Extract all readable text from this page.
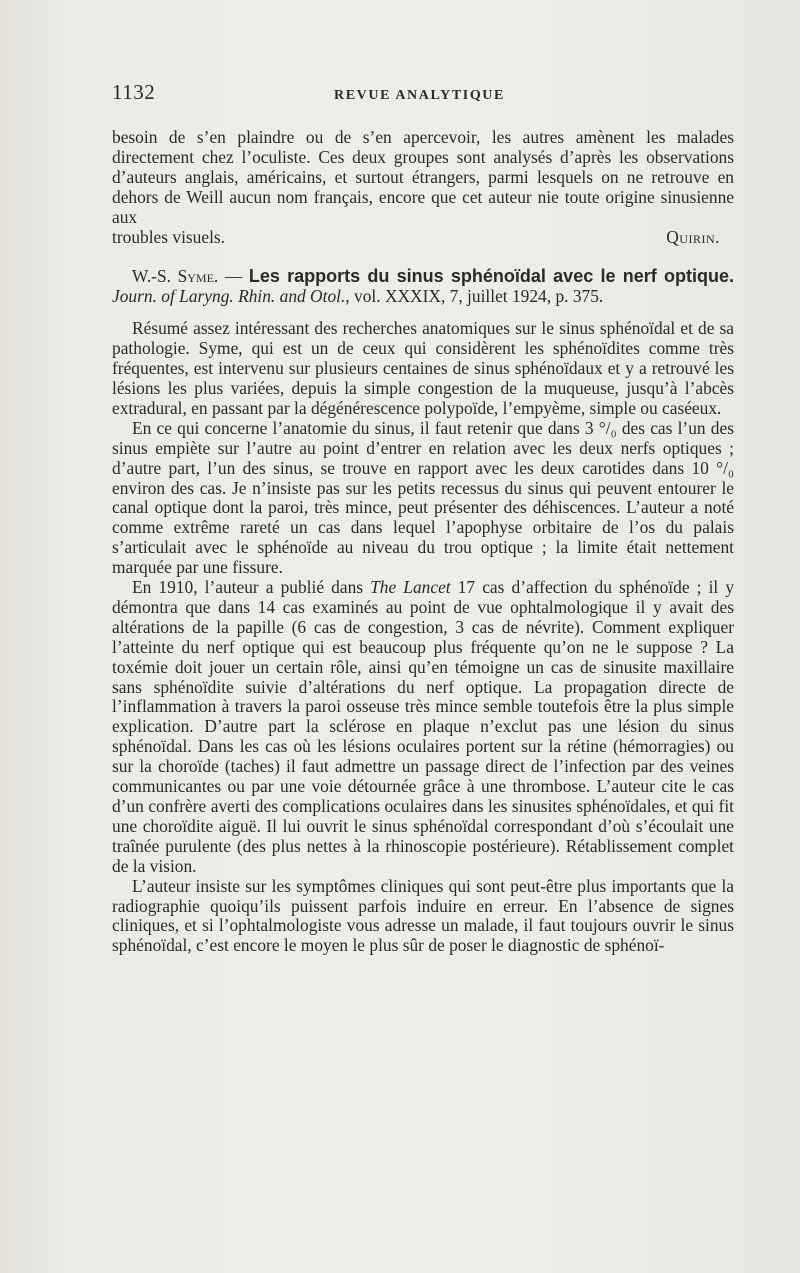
1132	REVUE ANALYTIQUE

besoin de s’en plaindre ou de s’en apercevoir, les autres amènent les malades directement chez l’oculiste. Ces deux groupes sont analysés d’après les observations d’auteurs anglais, américains, et surtout étrangers, parmi lesquels on ne retrouve en dehors de Weill aucun nom français, encore que cet auteur nie toute origine sinusienne aux

troubles visuels.	Quirin.

W.-S. Syme. — Les rapports du sinus sphénoïdal avec le nerf optique. Journ. of Laryng. Rhin. and Otol., vol. XXXIX, 7, juillet 1924, p. 375.

Résumé assez intéressant des recherches anatomiques sur le sinus sphénoïdal et de sa pathologie. Syme, qui est un de ceux qui considèrent les sphénoïdites comme très fréquentes, est intervenu sur plusieurs centaines de sinus sphénoïdaux et y a retrouvé les lésions les plus variées, depuis la simple congestion de la muqueuse, jusqu’à l’abcès extradural, en passant par la dégénérescence polypoïde, l’empyème, simple ou caséeux.

En ce qui concerne l’anatomie du sinus, il faut retenir que dans 3 °/₀ des cas l’un des sinus empiète sur l’autre au point d’entrer en relation avec les deux nerfs optiques ; d’autre part, l’un des sinus, se trouve en rapport avec les deux carotides dans 10 °/₀ environ des cas. Je n’insiste pas sur les petits recessus du sinus qui peuvent entourer le canal optique dont la paroi, très mince, peut présenter des déhiscences. L’auteur a noté comme extrême rareté un cas dans lequel l’apophyse orbitaire de l’os du palais s’articulait avec le sphénoïde au niveau du trou optique ; la limite était nettement marquée par une fissure.

En 1910, l’auteur a publié dans The Lancet 17 cas d’affection du sphénoïde ; il y démontra que dans 14 cas examinés au point de vue ophtalmologique il y avait des altérations de la papille (6 cas de congestion, 3 cas de névrite). Comment expliquer l’atteinte du nerf optique qui est beaucoup plus fréquente qu’on ne le suppose ? La toxémie doit jouer un certain rôle, ainsi qu’en témoigne un cas de sinusite maxillaire sans sphénoïdite suivie d’altérations du nerf optique. La propagation directe de l’inflammation à travers la paroi osseuse très mince semble toutefois être la plus simple explication. D’autre part la sclérose en plaque n’exclut pas une lésion du sinus sphénoïdal. Dans les cas où les lésions oculaires portent sur la rétine (hémorragies) ou sur la choroïde (taches) il faut admettre un passage direct de l’infection par des veines communicantes ou par une voie détournée grâce à une thrombose. L’auteur cite le cas d’un confrère averti des complications oculaires dans les sinusites sphénoïdales, et qui fit une choroïdite aiguë. Il lui ouvrit le sinus sphénoïdal correspondant d’où s’écoulait une traînée purulente (des plus nettes à la rhinoscopie postérieure). Rétablissement complet de la vision.

L’auteur insiste sur les symptômes cliniques qui sont peut-être plus importants que la radiographie quoiqu’ils puissent parfois induire en erreur. En l’absence de signes cliniques, et si l’ophtalmologiste vous adresse un malade, il faut toujours ouvrir le sinus sphénoïdal, c’est encore le moyen le plus sûr de poser le diagnostic de sphénoï-
